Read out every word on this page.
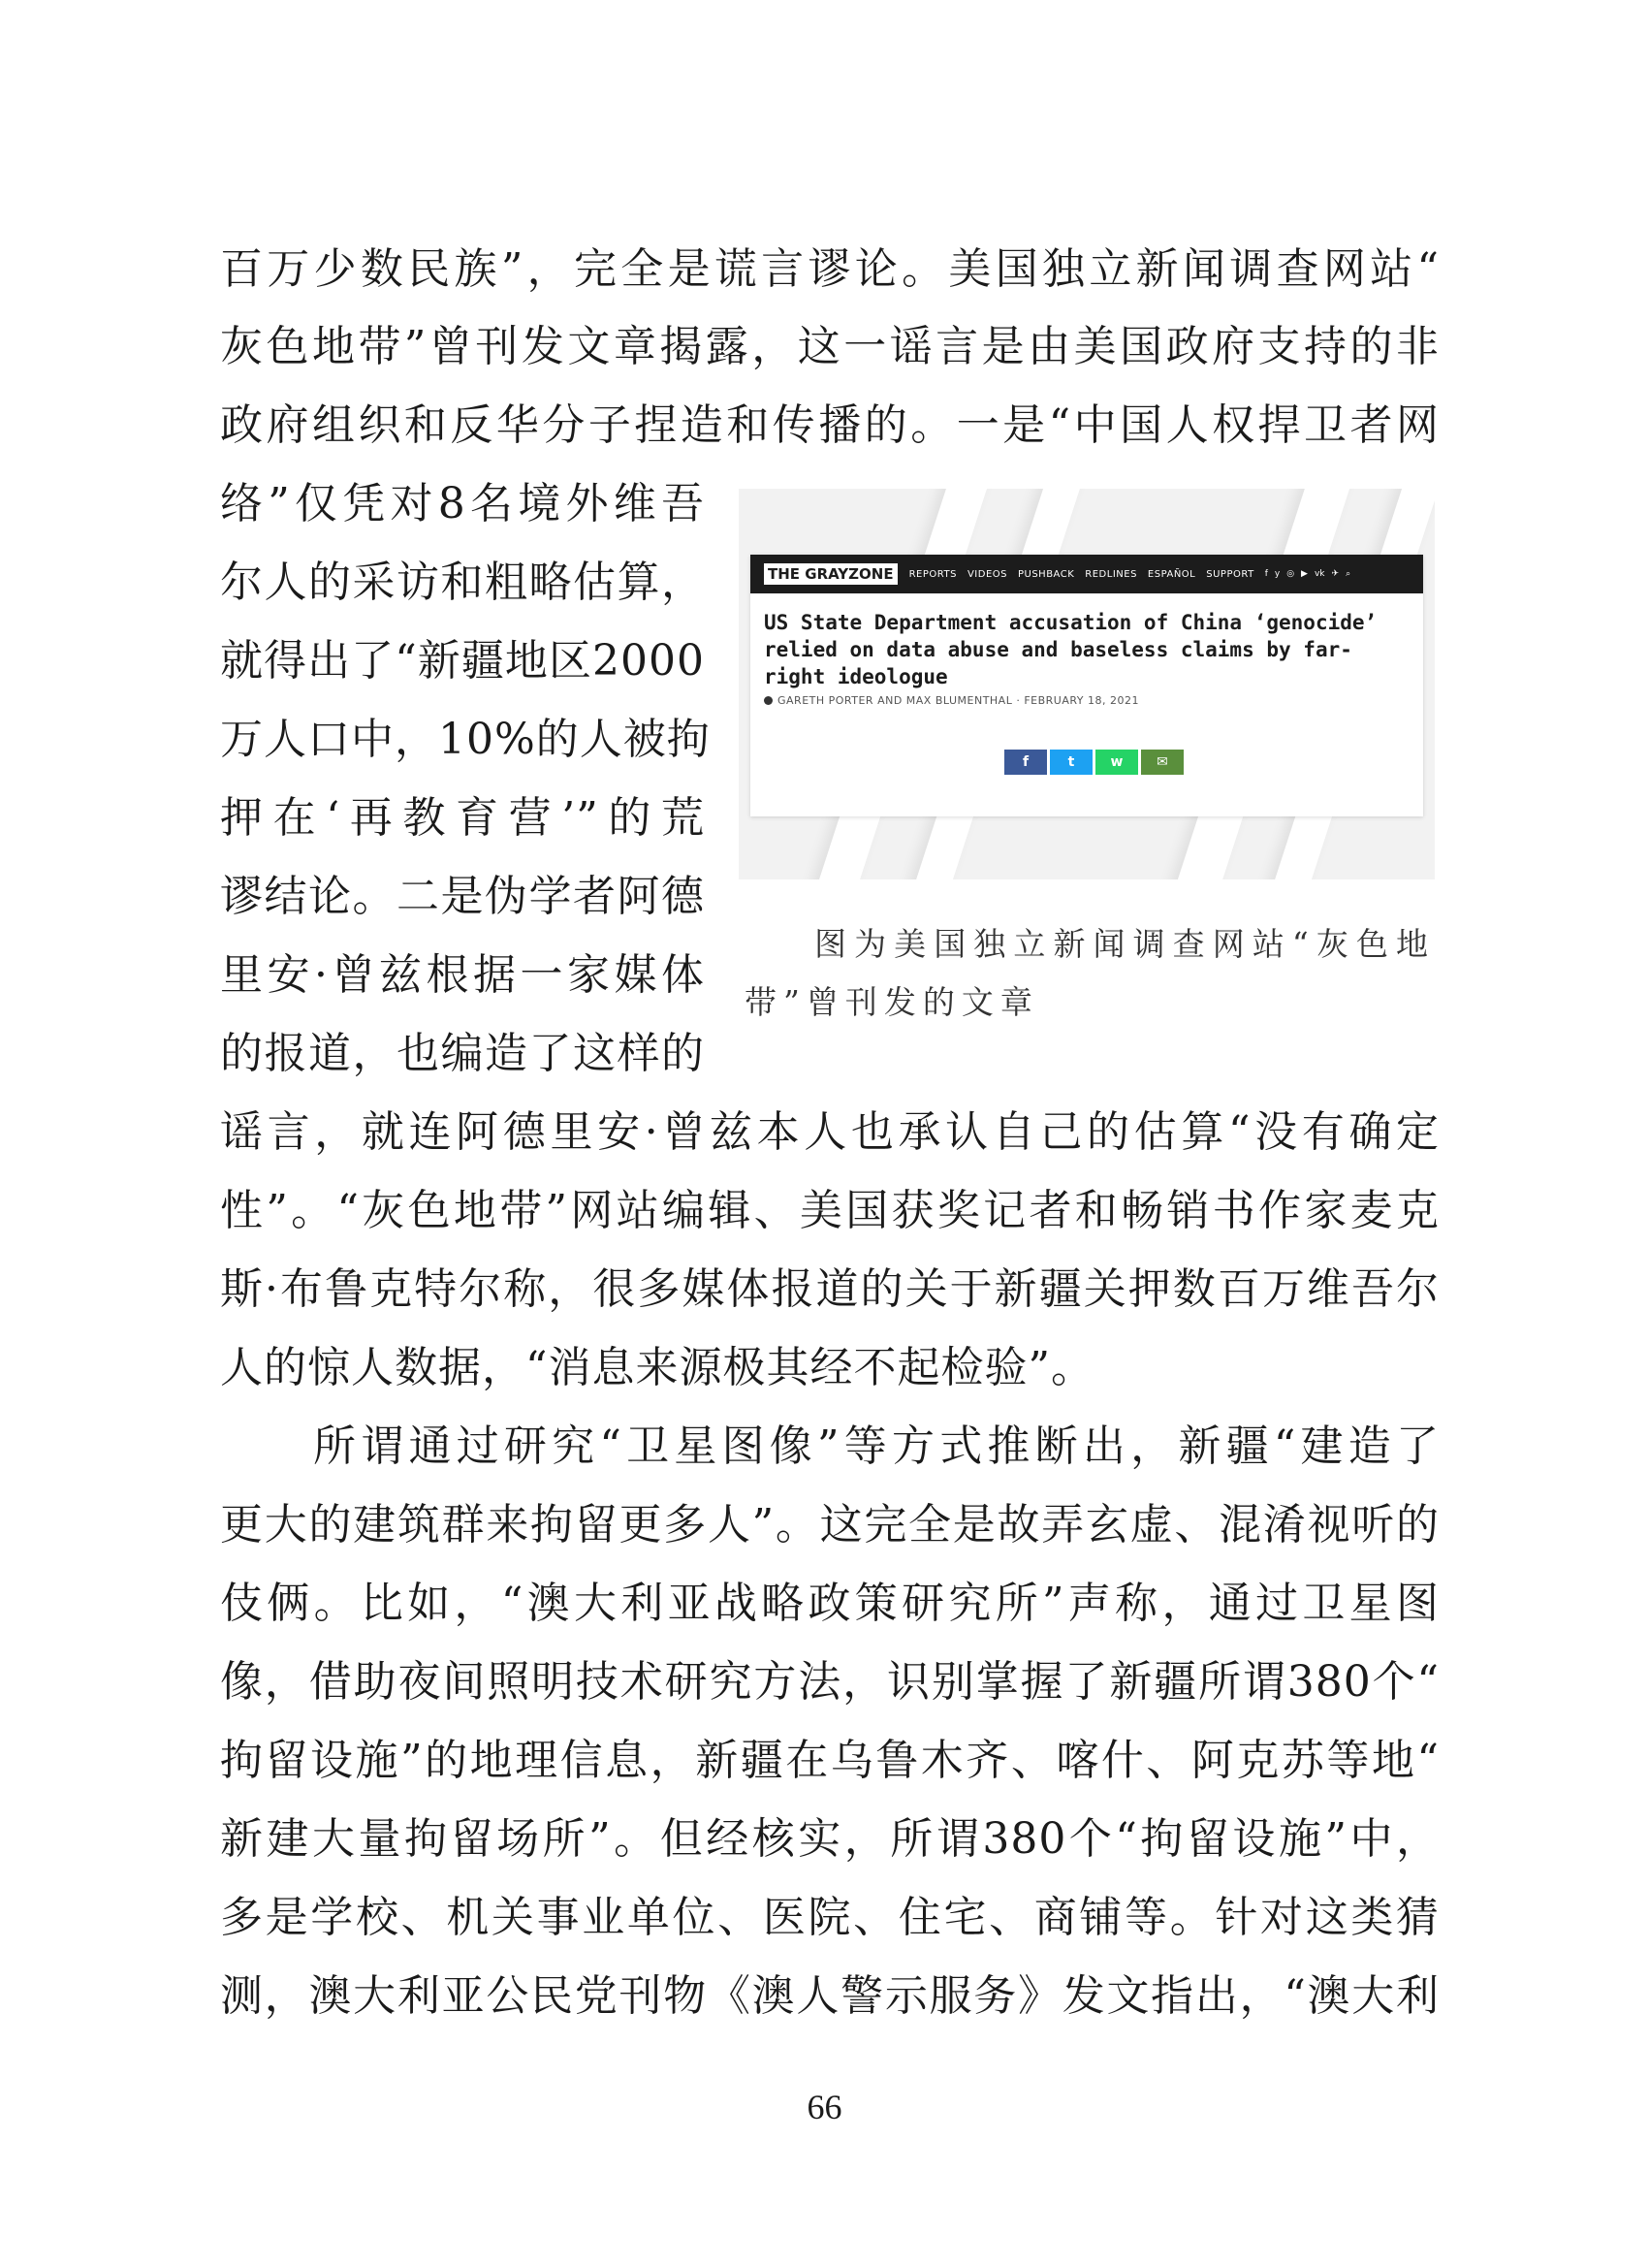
百万少数民族”，完全是谎言谬论。美国独立新闻调查网站“
灰色地带”曾刊发文章揭露，这一谣言是由美国政府支持的非
政府组织和反华分子捏造和传播的。一是“中国人权捍卫者网
络”仅凭对8名境外维吾
尔人的采访和粗略估算，
就得出了“新疆地区2000
万人口中，10%的人被拘
押在‘再教育营’”的荒
谬结论。二是伪学者阿德
里安·曾兹根据一家媒体
的报道，也编造了这样的
THE GRAYZONE	REPORTS VIDEOS PUSHBACK REDLINES ESPAÑOL SUPPORT f y ◎ ▶ vk ✈ ⌕
US State Department accusation of China ‘genocide’ relied on data abuse and baseless claims by far-right ideologue
GARETH PORTER AND MAX BLUMENTHAL · FEBRUARY 18, 2021
f	t	w	✉
图为美国独立新闻调查网站“灰色地
带”曾刊发的文章
谣言，就连阿德里安·曾兹本人也承认自己的估算“没有确定
性”。“灰色地带”网站编辑、美国获奖记者和畅销书作家麦克
斯·布鲁克特尔称，很多媒体报道的关于新疆关押数百万维吾尔
人的惊人数据，“消息来源极其经不起检验”。
所谓通过研究“卫星图像”等方式推断出，新疆“建造了
更大的建筑群来拘留更多人”。这完全是故弄玄虚、混淆视听的
伎俩。比如，“澳大利亚战略政策研究所”声称，通过卫星图
像，借助夜间照明技术研究方法，识别掌握了新疆所谓380个“
拘留设施”的地理信息，新疆在乌鲁木齐、喀什、阿克苏等地“
新建大量拘留场所”。但经核实，所谓380个“拘留设施”中，
多是学校、机关事业单位、医院、住宅、商铺等。针对这类猜
测，澳大利亚公民党刊物《澳人警示服务》发文指出，“澳大利
66
